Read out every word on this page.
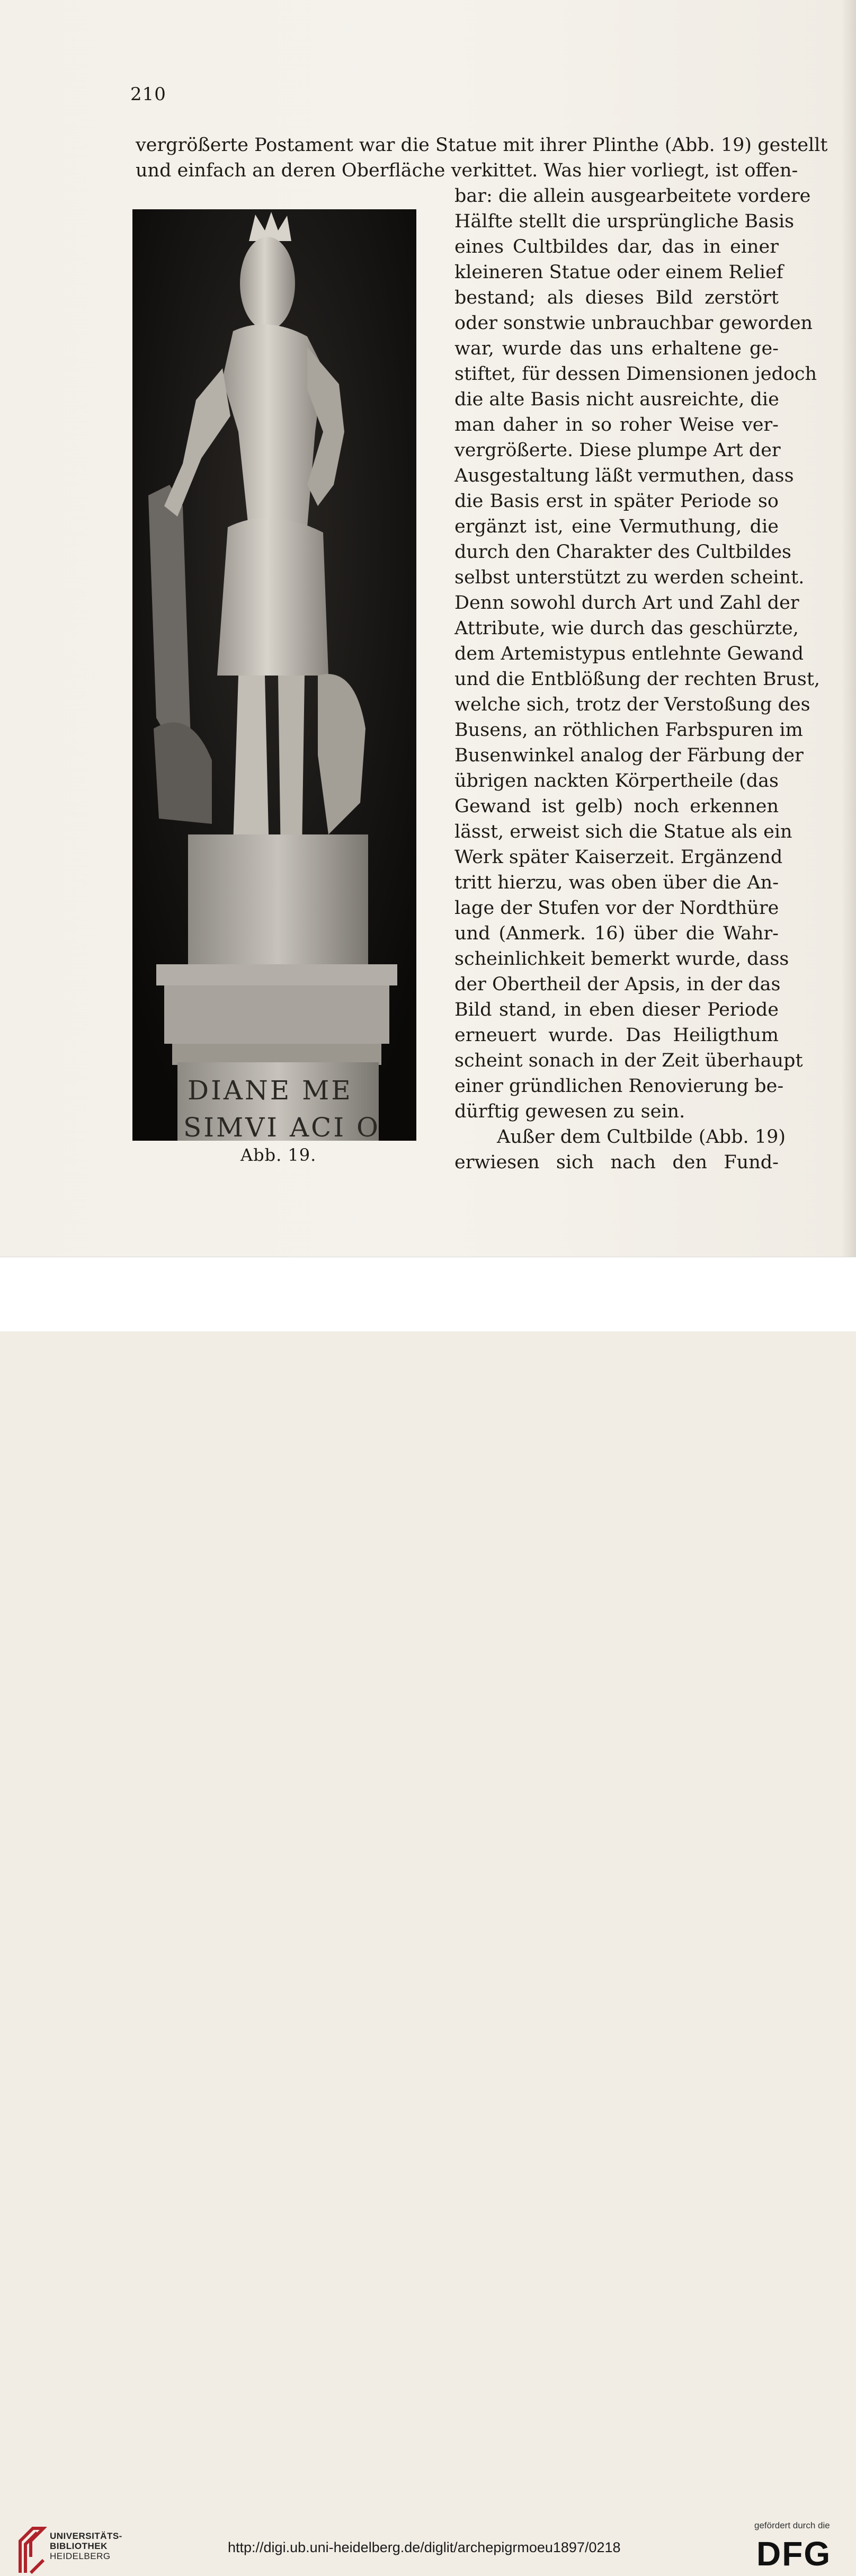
210
vergrößerte Postament war die Statue mit ihrer Plinthe (Abb. 19) gestellt
und einfach an deren Oberfläche verkittet. Was hier vorliegt, ist offen-
bar: die allein ausgearbeitete vordere
Hälfte stellt die ursprüngliche Basis
eines Cultbildes dar, das in einer
kleineren Statue oder einem Relief
bestand; als dieses Bild zerstört
oder sonstwie unbrauchbar geworden
war, wurde das uns erhaltene ge-
stiftet, für dessen Dimensionen jedoch
die alte Basis nicht ausreichte, die
man daher in so roher Weise ver-
vergrößerte. Diese plumpe Art der
Ausgestaltung läßt vermuthen, dass
die Basis erst in später Periode so
ergänzt ist, eine Vermuthung, die
durch den Charakter des Cultbildes
selbst unterstützt zu werden scheint.
Denn sowohl durch Art und Zahl der
Attribute, wie durch das geschürzte,
dem Artemistypus entlehnte Gewand
und die Entblößung der rechten Brust,
welche sich, trotz der Verstoßung des
Busens, an röthlichen Farbspuren im
Busenwinkel analog der Färbung der
übrigen nackten Körpertheile (das
Gewand ist gelb) noch erkennen
lässt, erweist sich die Statue als ein
Werk später Kaiserzeit. Ergänzend
tritt hierzu, was oben über die An-
lage der Stufen vor der Nordthüre
und (Anmerk. 16) über die Wahr-
scheinlichkeit bemerkt wurde, dass
der Obertheil der Apsis, in der das
Bild stand, in eben dieser Periode
erneuert wurde. Das Heiligthum
scheint sonach in der Zeit überhaupt
einer gründlichen Renovierung be-
dürftig gewesen zu sein.
Außer dem Cultbilde (Abb. 19)
erwiesen sich nach den Fund-
DIANE ME
SIMVI ACI O
Abb. 19.
UNIVERSITÄTS-
BIBLIOTHEK
HEIDELBERG
http://digi.ub.uni-heidelberg.de/diglit/archepigrmoeu1897/0218
gefördert durch die
DFG
